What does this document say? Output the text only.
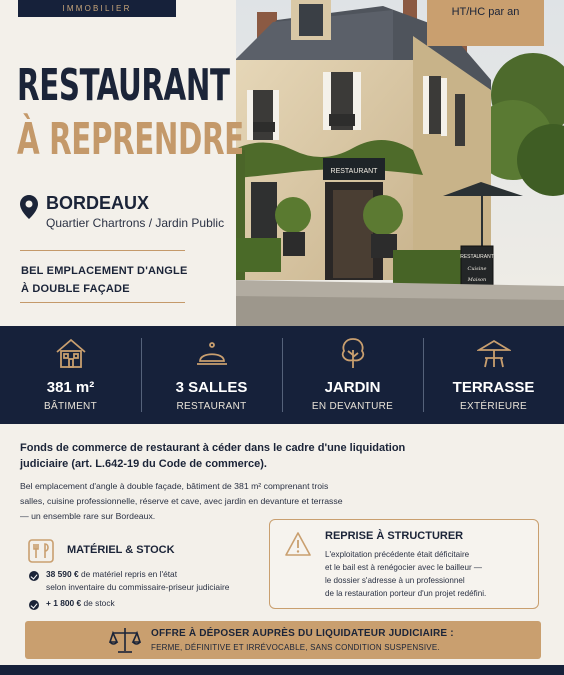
RESTAURANT
RESTAURANT
Cuisine
Maison
IMMOBILIER
RESTAURANT
À REPRENDRE
BORDEAUX
Quartier Chartrons / Jardin Public
BEL EMPLACEMENT D'ANGLE
À DOUBLE FAÇADE
HT/HC par an
381 m²
BÂTIMENT
3 SALLES
RESTAURANT
JARDIN
EN DEVANTURE
TERRASSE
EXTÉRIEURE
Fonds de commerce de restaurant à céder dans le cadre d'une liquidation judiciaire (art. L.642-19 du Code de commerce).
Bel emplacement d'angle à double façade, bâtiment de 381 m² comprenant trois salles, cuisine professionnelle, réserve et cave, avec jardin en devanture et terrasse — un ensemble rare sur Bordeaux.
MATÉRIEL & STOCK
38 590 € de matériel repris en l'état
selon inventaire du commissaire-priseur judiciaire
+ 1 800 € de stock
REPRISE À STRUCTURER
L'exploitation précédente était déficitaire
et le bail est à renégocier avec le bailleur —
le dossier s'adresse à un professionnel
de la restauration porteur d'un projet redéfini.
OFFRE À DÉPOSER AUPRÈS DU LIQUIDATEUR JUDICIAIRE :
FERME, DÉFINITIVE ET IRRÉVOCABLE, SANS CONDITION SUSPENSIVE.
